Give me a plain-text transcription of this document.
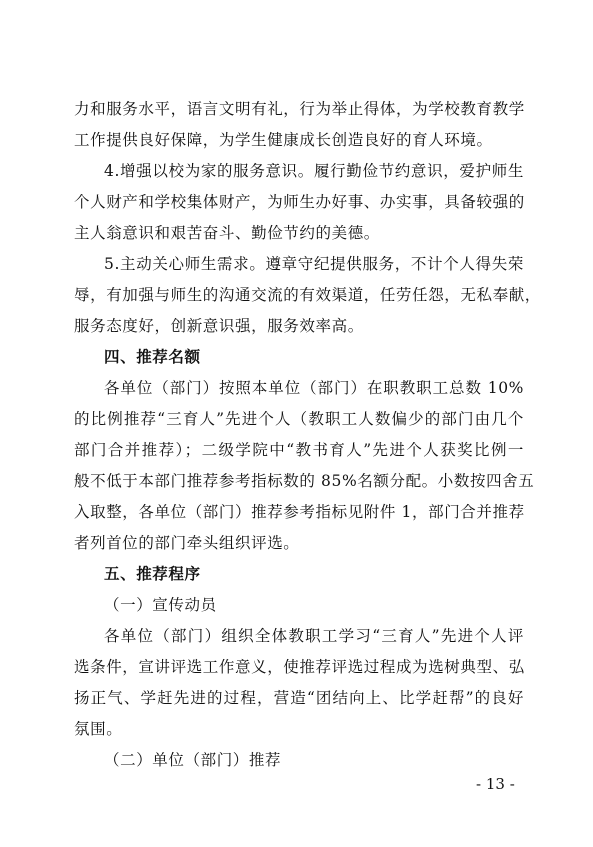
力和服务水平，语言文明有礼，行为举止得体，为学校教育教学
工作提供良好保障，为学生健康成长创造良好的育人环境。
4.增强以校为家的服务意识。履行勤俭节约意识，爱护师生
个人财产和学校集体财产，为师生办好事、办实事，具备较强的
主人翁意识和艰苦奋斗、勤俭节约的美德。
5.主动关心师生需求。遵章守纪提供服务，不计个人得失荣
辱，有加强与师生的沟通交流的有效渠道，任劳任怨，无私奉献，
服务态度好，创新意识强，服务效率高。
四、推荐名额
各单位（部门）按照本单位（部门）在职教职工总数 10%
的比例推荐“三育人”先进个人（教职工人数偏少的部门由几个
部门合并推荐）；二级学院中“教书育人”先进个人获奖比例一
般不低于本部门推荐参考指标数的 85%名额分配。小数按四舍五
入取整，各单位（部门）推荐参考指标见附件 1，部门合并推荐
者列首位的部门牵头组织评选。
五、推荐程序
（一）宣传动员
各单位（部门）组织全体教职工学习“三育人”先进个人评
选条件，宣讲评选工作意义，使推荐评选过程成为选树典型、弘
扬正气、学赶先进的过程，营造“团结向上、比学赶帮”的良好
氛围。
（二）单位（部门）推荐
- 13 -
